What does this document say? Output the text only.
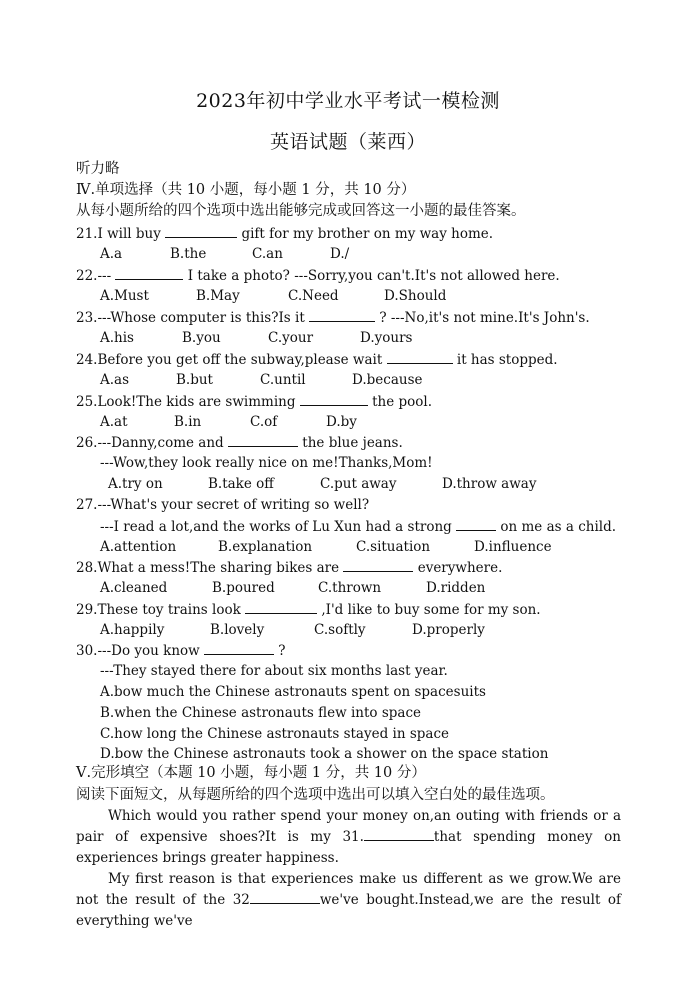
2023年初中学业水平考试一模检测
英语试题（莱西）
听力略
Ⅳ.单项选择（共 10 小题，每小题 1 分，共 10 分）
从每小题所给的四个选项中选出能够完成或回答这一小题的最佳答案。
21.I will buy	gift for my brother on my way home.
A.a	B.the	C.an	D./
22.---	I take a photo? ---Sorry,you can't.It's not allowed here.
A.Must	B.May	C.Need	D.Should
23.---Whose computer is this?Is it	? ---No,it's not mine.It's John's.
A.his	B.you	C.your	D.yours
24.Before you get off the subway,please wait	it has stopped.
A.as	B.but	C.until	D.because
25.Look!The kids are swimming	the pool.
A.at	B.in	C.of	D.by
26.---Danny,come and	the blue jeans.
---Wow,they look really nice on me!Thanks,Mom!
A.try on	B.take off	C.put away	D.throw away
27.---What's your secret of writing so well?
---I read a lot,and the works of Lu Xun had a strong	on me as a child.
A.attention	B.explanation	C.situation	D.influence
28.What a mess!The sharing bikes are	everywhere.
A.cleaned	B.poured	C.thrown	D.ridden
29.These toy trains look	,I'd like to buy some for my son.
A.happily	B.lovely	C.softly	D.properly
30.---Do you know	?
---They stayed there for about six months last year.
A.bow much the Chinese astronauts spent on spacesuits
B.when the Chinese astronauts flew into space
C.how long the Chinese astronauts stayed in space
D.bow the Chinese astronauts took a shower on the space station
Ⅴ.完形填空（本题 10 小题，每小题 1 分，共 10 分）
阅读下面短文，从每题所给的四个选项中选出可以填入空白处的最佳选项。
Which would you rather spend your money on,an outing with friends or a pair of expensive shoes?It is my 31.	that spending money on experiences brings greater happiness.
My first reason is that experiences make us different as we grow.We are not the result of the 32	we've bought.Instead,we are the result of everything we've
